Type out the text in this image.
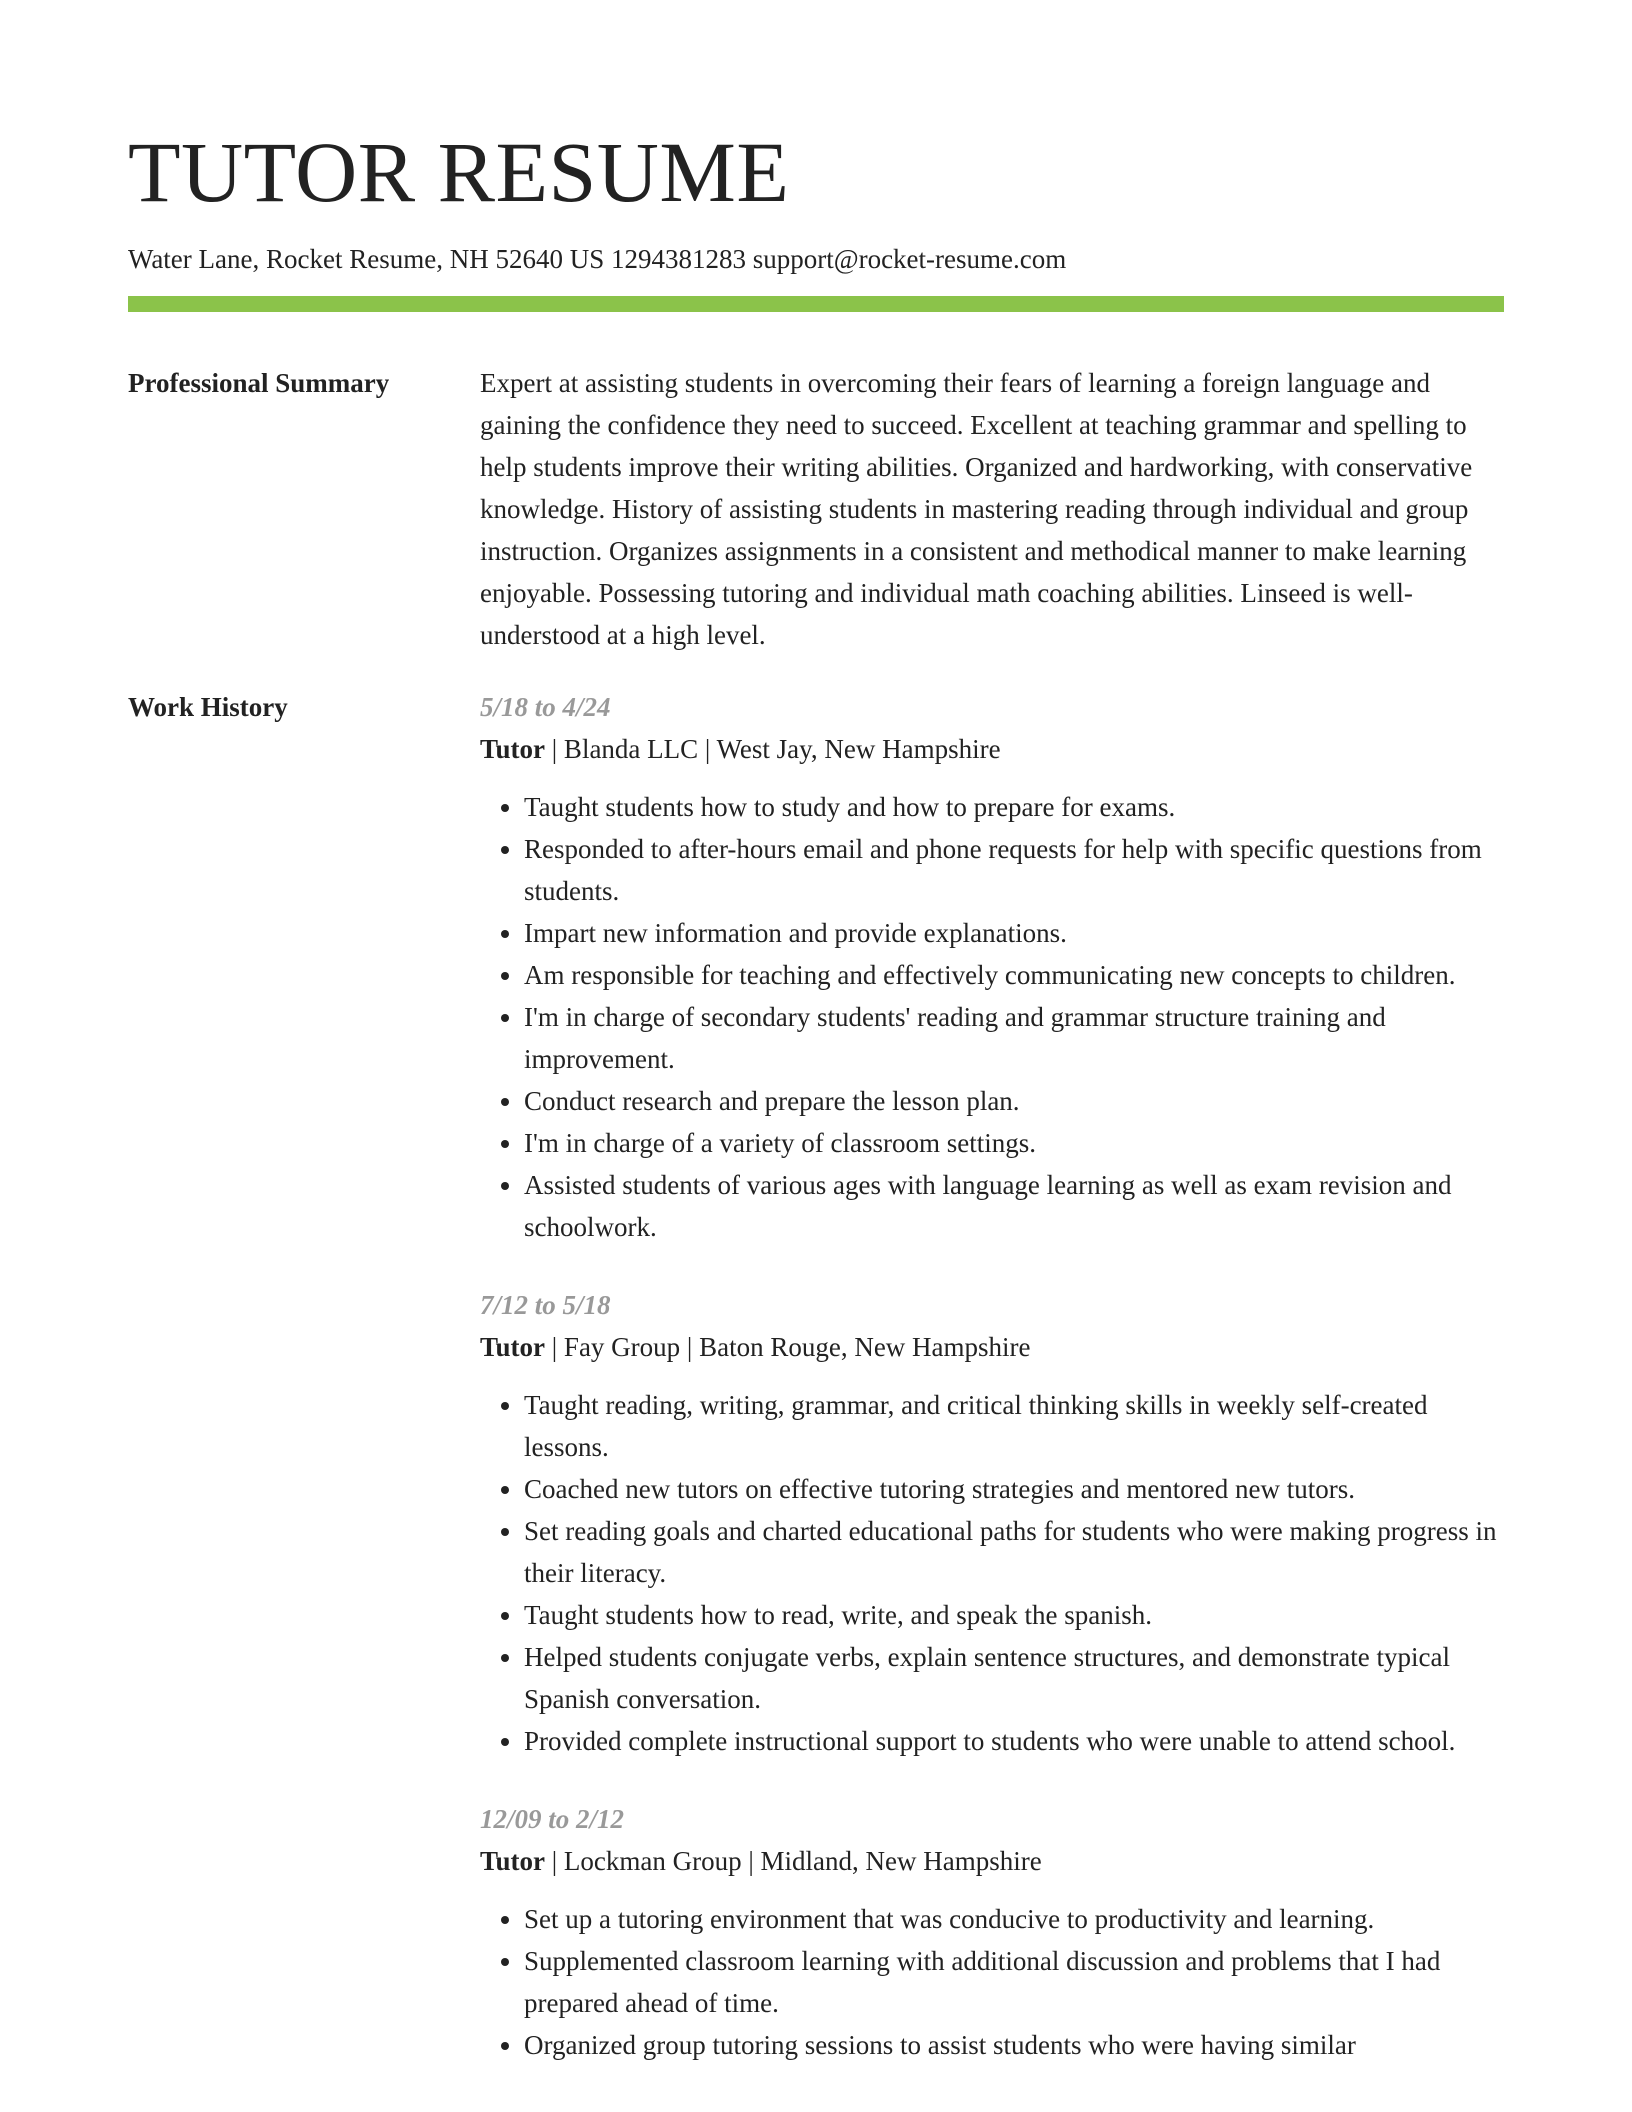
TUTOR RESUME
Water Lane, Rocket Resume, NH 52640 US 1294381283 support@rocket-resume.com
Professional Summary	Expert at assisting students in overcoming their fears of learning a foreign language and gaining the confidence they need to succeed. Excellent at teaching grammar and spelling to help students improve their writing abilities. Organized and hardworking, with conservative knowledge. History of assisting students in mastering reading through individual and group instruction. Organizes assignments in a consistent and methodical manner to make learning enjoyable. Possessing tutoring and individual math coaching abilities. Linseed is well-understood at a high level.

Work History	5/18 to 4/24
Tutor | Blanda LLC | West Jay, New Hampshire
• Taught students how to study and how to prepare for exams.
• Responded to after-hours email and phone requests for help with specific questions from students.
• Impart new information and provide explanations.
• Am responsible for teaching and effectively communicating new concepts to children.
• I'm in charge of secondary students' reading and grammar structure training and improvement.
• Conduct research and prepare the lesson plan.
• I'm in charge of a variety of classroom settings.
• Assisted students of various ages with language learning as well as exam revision and schoolwork.
7/12 to 5/18
Tutor | Fay Group | Baton Rouge, New Hampshire
• Taught reading, writing, grammar, and critical thinking skills in weekly self-created lessons.
• Coached new tutors on effective tutoring strategies and mentored new tutors.
• Set reading goals and charted educational paths for students who were making progress in their literacy.
• Taught students how to read, write, and speak the spanish.
• Helped students conjugate verbs, explain sentence structures, and demonstrate typical Spanish conversation.
• Provided complete instructional support to students who were unable to attend school.
12/09 to 2/12
Tutor | Lockman Group | Midland, New Hampshire
• Set up a tutoring environment that was conducive to productivity and learning.
• Supplemented classroom learning with additional discussion and problems that I had prepared ahead of time.
• Organized group tutoring sessions to assist students who were having similar
